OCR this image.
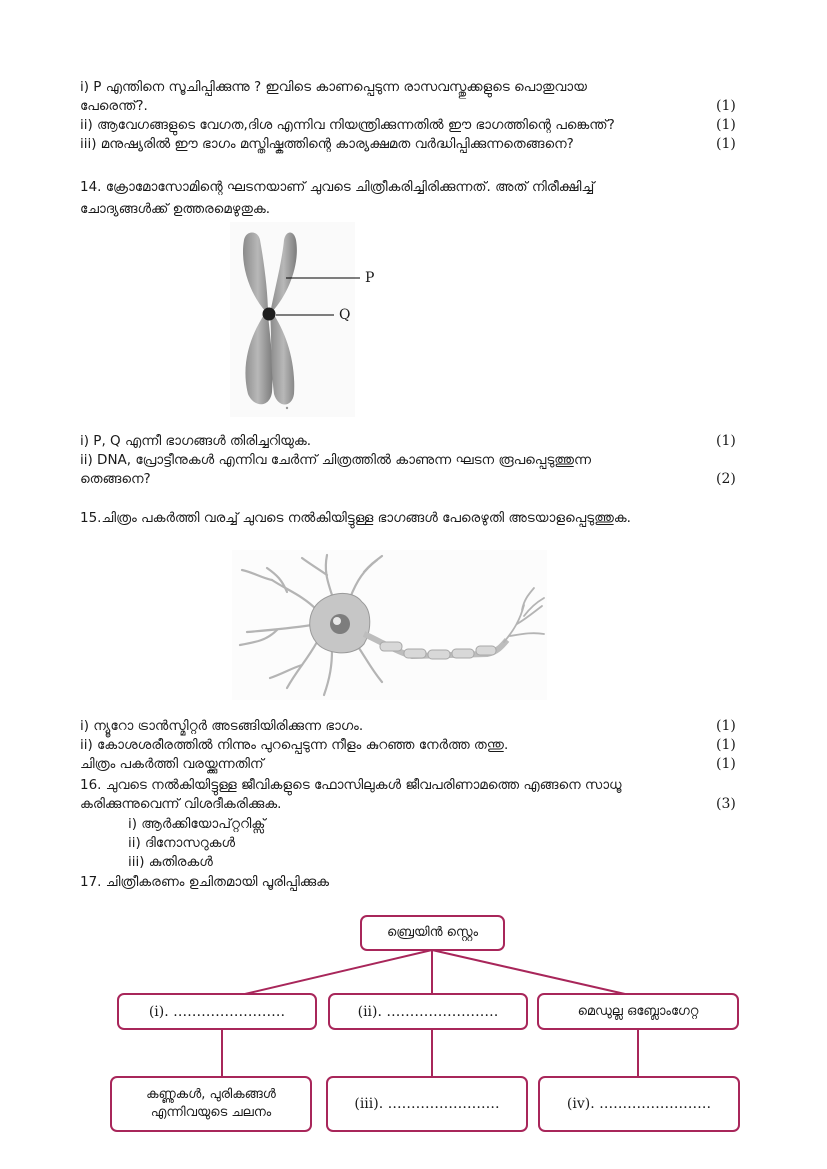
i) P എന്തിനെ സൂചിപ്പിക്കുന്നു ? ഇവിടെ കാണപ്പെടുന്ന രാസവസ്തുക്കളുടെ പൊതുവായ
പേരെന്ത്?.	(1)
ii) ആവേഗങ്ങളുടെ വേഗത,ദിശ എന്നിവ നിയന്ത്രിക്കുന്നതിൽ ഈ ഭാഗത്തിന്റെ പങ്കെന്ത്?	(1)
iii) മനുഷ്യരിൽ ഈ ഭാഗം മസ്തിഷ്കത്തിന്റെ കാര്യക്ഷമത വർദ്ധിപ്പിക്കുന്നതെങ്ങനെ?	(1)
14. ക്രോമോസോമിന്റെ ഘടനയാണ് ചുവടെ ചിത്രീകരിച്ചിരിക്കുന്നത്. അത് നിരീക്ഷിച്ച്
ചോദ്യങ്ങൾക്ക് ഉത്തരമെഴുതുക.
P
Q
i) P, Q എന്നീ ഭാഗങ്ങൾ തിരിച്ചറിയുക.	(1)
ii) DNA, പ്രോട്ടീനുകൾ എന്നിവ ചേർന്ന് ചിത്രത്തിൽ കാണുന്ന ഘടന രൂപപ്പെടുത്തുന്ന
തെങ്ങനെ?	(2)
15.ചിത്രം പകർത്തി വരച്ച് ചുവടെ നൽകിയിട്ടുള്ള ഭാഗങ്ങൾ പേരെഴുതി അടയാളപ്പെടുത്തുക.
i) ന്യൂറോ ട്രാൻസ്മിറ്റർ അടങ്ങിയിരിക്കുന്ന ഭാഗം.	(1)
ii) കോശശരീരത്തിൽ നിന്നും പുറപ്പെടുന്ന നീളം കുറഞ്ഞ നേർത്ത തന്തു.	(1)
ചിത്രം പകർത്തി വരയ്ക്കുന്നതിന്	(1)
16. ചുവടെ നൽകിയിട്ടുള്ള ജീവികളുടെ ഫോസിലുകൾ ജീവപരിണാമത്തെ എങ്ങനെ സാധൂ
കരിക്കുന്നുവെന്ന് വിശദീകരിക്കുക.	(3)
i) ആർക്കിയോപ്റ്ററിക്സ്
ii) ദിനോസറുകൾ
iii) കുതിരകൾ
17. ചിത്രീകരണം ഉചിതമായി പൂരിപ്പിക്കുക
ബ്രെയിൻ സ്റ്റെം
(i). ……………………	(ii). ……………………	മെഡുല്ല ഒബ്ലോംഗേറ്റ
കണ്ണുകൾ, പുരികങ്ങൾ
എന്നിവയുടെ ചലനം
(iii). ……………………	(iv). ……………………
